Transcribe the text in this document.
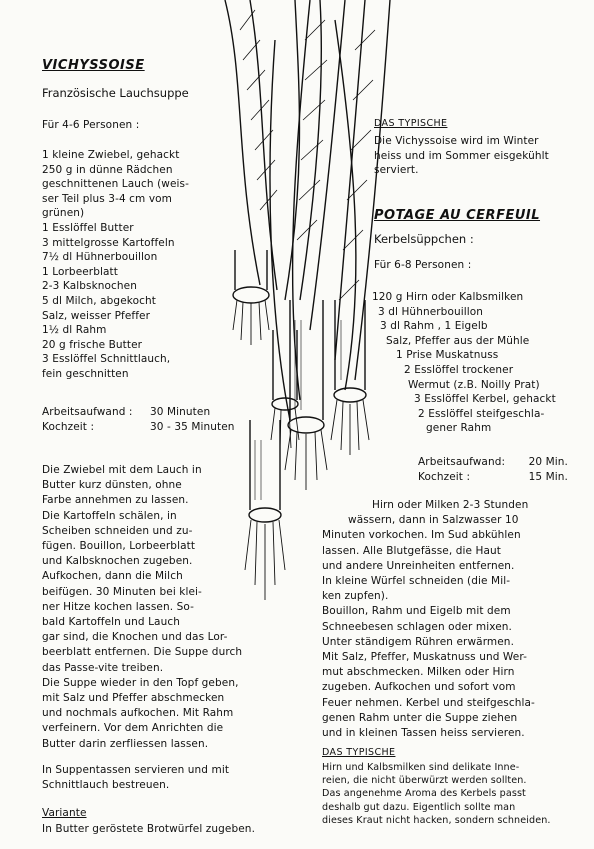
VICHYSSOISE
Französische Lauchsuppe
Für 4-6 Personen :
1 kleine Zwiebel, gehackt
250 g in dünne Rädchen
geschnittenen Lauch (weis-
ser Teil plus 3-4 cm vom
grünen)
1 Esslöffel Butter
3 mittelgrosse Kartoffeln
7½ dl Hühnerbouillon
1 Lorbeerblatt
2-3 Kalbsknochen
5 dl Milch, abgekocht
Salz, weisser Pfeffer
1½ dl Rahm
20 g frische Butter
3 Esslöffel Schnittlauch,
fein geschnitten
Arbeitsaufwand :	30 Minuten
Kochzeit :	30 - 35 Minuten
Die Zwiebel mit dem Lauch in
Butter kurz dünsten, ohne
Farbe annehmen zu lassen.
Die Kartoffeln schälen, in
Scheiben schneiden und zu-
fügen. Bouillon, Lorbeerblatt
und Kalbsknochen zugeben.
Aufkochen, dann die Milch
beifügen. 30 Minuten bei klei-
ner Hitze kochen lassen. So-
bald Kartoffeln und Lauch
gar sind, die Knochen und das Lor-
beerblatt entfernen. Die Suppe durch
das Passe-vite treiben.
Die Suppe wieder in den Topf geben,
mit Salz und Pfeffer abschmecken
und nochmals aufkochen. Mit Rahm
verfeinern. Vor dem Anrichten die
Butter darin zerfliessen lassen.
In Suppentassen servieren und mit
Schnittlauch bestreuen.
Variante
In Butter geröstete Brotwürfel zugeben.
DAS TYPISCHE
Die Vichyssoise wird im Winter
heiss und im Sommer eisgekühlt
serviert.
POTAGE AU CERFEUIL
Kerbelsüppchen :
Für 6-8 Personen :
120 g Hirn oder Kalbsmilken
3 dl Hühnerbouillon
3 dl Rahm , 1 Eigelb
Salz, Pfeffer aus der Mühle
1 Prise Muskatnuss
2 Esslöffel trockener
Wermut (z.B. Noilly Prat)
3 Esslöffel Kerbel, gehackt
2 Esslöffel steifgeschla-
gener Rahm
Arbeitsaufwand: 20 Min.
Kochzeit :	15 Min.
Hirn oder Milken 2-3 Stunden
wässern, dann in Salzwasser 10
Minuten vorkochen. Im Sud abkühlen
lassen. Alle Blutgefässe, die Haut
und andere Unreinheiten entfernen.
In kleine Würfel schneiden (die Mil-
ken zupfen).
Bouillon, Rahm und Eigelb mit dem
Schneebesen schlagen oder mixen.
Unter ständigem Rühren erwärmen.
Mit Salz, Pfeffer, Muskatnuss und Wer-
mut abschmecken. Milken oder Hirn
zugeben. Aufkochen und sofort vom
Feuer nehmen. Kerbel und steifgeschla-
genen Rahm unter die Suppe ziehen
und in kleinen Tassen heiss servieren.
DAS TYPISCHE
Hirn und Kalbsmilken sind delikate Inne-
reien, die nicht überwürzt werden sollten.
Das angenehme Aroma des Kerbels passt
deshalb gut dazu. Eigentlich sollte man
dieses Kraut nicht hacken, sondern schneiden.
